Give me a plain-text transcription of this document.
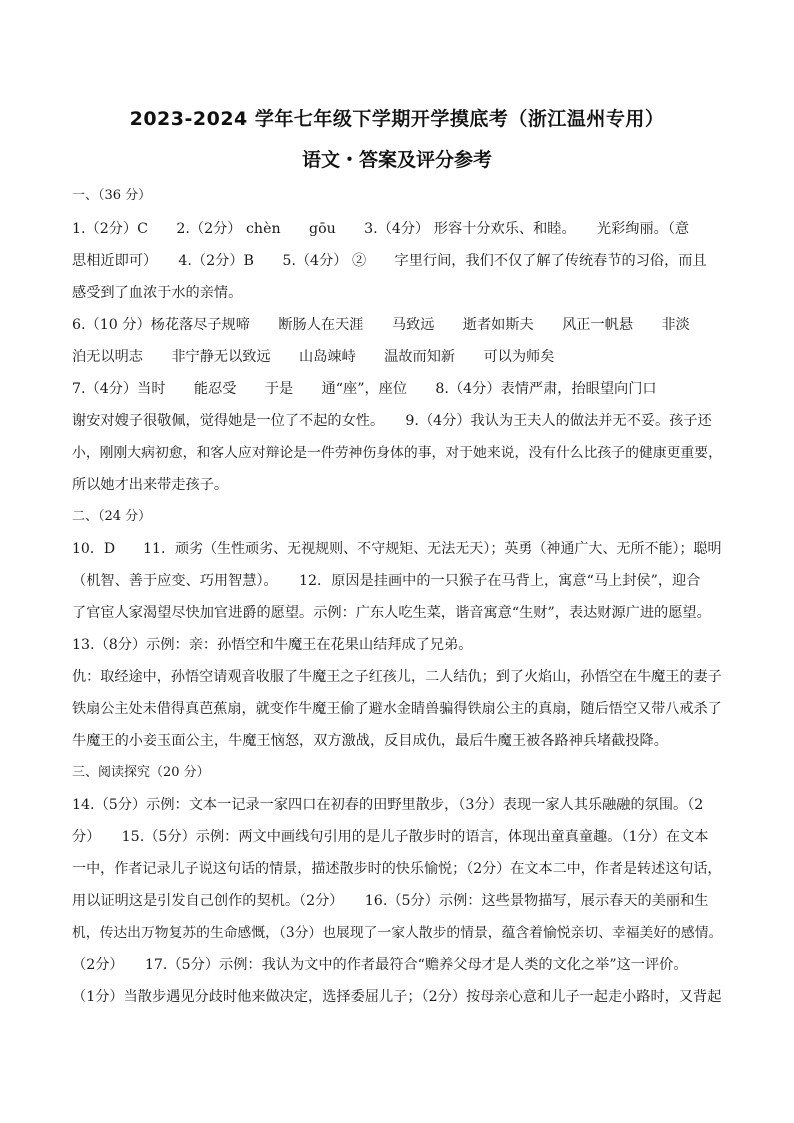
2023-2024 学年七年级下学期开学摸底考（浙江温州专用）
语文・答案及评分参考
一、（36 分）
1.（2分）C　　2.（2分） chèn　　gōu　　3.（4分） 形容十分欢乐、和睦。　　光彩绚丽。（意
思相近即可）　　4.（2分）B　　5.（4分） ②　　字里行间，我们不仅了解了传统春节的习俗，而且
感受到了血浓于水的亲情。
6.（10 分）杨花落尽子规啼　　断肠人在天涯　　马致远　　逝者如斯夫　　风正一帆悬　　非淡
泊无以明志　　非宁静无以致远　　山岛竦峙　　温故而知新　　可以为师矣
7.（4分）当时　　能忍受　　于是　　通“座”，座位　　8.（4分）表情严肃，抬眼望向门口
谢安对嫂子很敬佩，觉得她是一位了不起的女性。　　9.（4分）我认为王夫人的做法并无不妥。孩子还
小，刚刚大病初愈，和客人应对辩论是一件劳神伤身体的事，对于她来说，没有什么比孩子的健康更重要，
所以她才出来带走孩子。
二、（24 分）
10．D　　11．顽劣（生性顽劣、无视规则、不守规矩、无法无天）；英勇（神通广大、无所不能）；聪明
（机智、善于应变、巧用智慧）。　　12．原因是挂画中的一只猴子在马背上，寓意“马上封侯”，迎合
了官宦人家渴望尽快加官进爵的愿望。示例：广东人吃生菜，谐音寓意“生财”，表达财源广进的愿望。
13.（8分）示例：亲：孙悟空和牛魔王在花果山结拜成了兄弟。
仇：取经途中，孙悟空请观音收服了牛魔王之子红孩儿，二人结仇；到了火焰山，孙悟空在牛魔王的妻子
铁扇公主处未借得真芭蕉扇，就变作牛魔王偷了避水金睛兽骗得铁扇公主的真扇，随后悟空又带八戒杀了
牛魔王的小妾玉面公主，牛魔王恼怒，双方激战，反目成仇，最后牛魔王被各路神兵堵截投降。
三、阅读探究（20 分）
14.（5分）示例：文本一记录一家四口在初春的田野里散步，（3分）表现一家人其乐融融的氛围。（2
分）　　15.（5分）示例：两文中画线句引用的是儿子散步时的语言，体现出童真童趣。（1分）在文本
一中，作者记录儿子说这句话的情景，描述散步时的快乐愉悦；（2分）在文本二中，作者是转述这句话，
用以证明这是引发自己创作的契机。（2分）　　16.（5分）示例：这些景物描写，展示春天的美丽和生
机，传达出万物复苏的生命感慨，（3分）也展现了一家人散步的情景，蕴含着愉悦亲切、幸福美好的感情。
（2分）　　17.（5分）示例：我认为文中的作者最符合“赡养父母才是人类的文化之举”这一评价。
（1分）当散步遇见分歧时他来做决定，选择委屈儿子；（2分）按母亲心意和儿子一起走小路时，又背起
